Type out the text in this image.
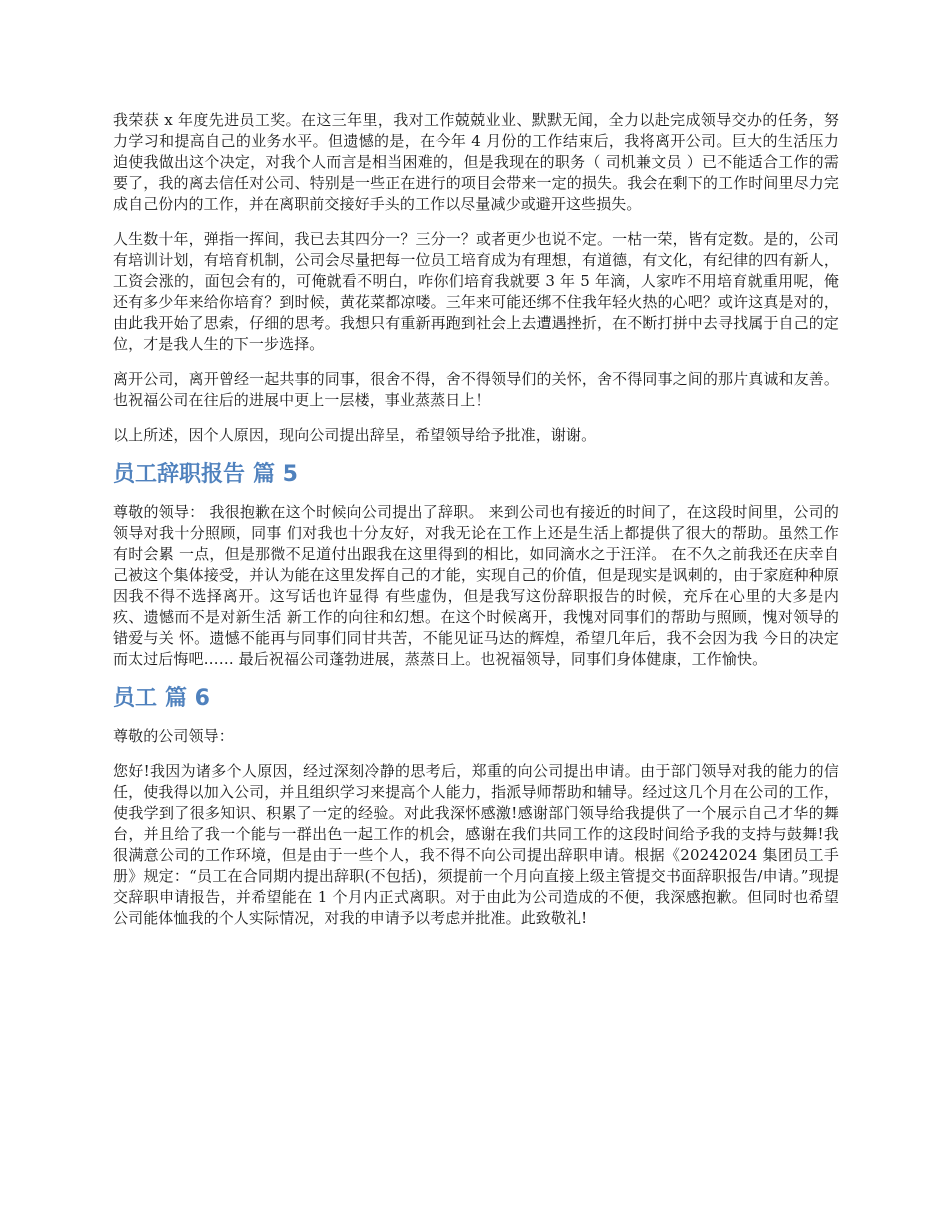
我荣获 x 年度先进员工奖。在这三年里，我对工作兢兢业业、默默无闻，全力以赴完成领导交办的任务，努力学习和提高自己的业务水平。但遗憾的是，在今年 4 月份的工作结束后，我将离开公司。巨大的生活压力迫使我做出这个决定，对我个人而言是相当困难的，但是我现在的职务（ 司机兼文员 ）已不能适合工作的需要了，我的离去信任对公司、特别是一些正在进行的项目会带来一定的损失。我会在剩下的工作时间里尽力完成自己份内的工作，并在离职前交接好手头的工作以尽量减少或避开这些损失。

人生数十年，弹指一挥间，我已去其四分一？三分一？或者更少也说不定。一枯一荣，皆有定数。是的，公司有培训计划，有培育机制，公司会尽量把每一位员工培育成为有理想，有道德，有文化，有纪律的四有新人，工资会涨的，面包会有的，可俺就看不明白，咋你们培育我就要 3 年 5 年滴，人家咋不用培育就重用呢，俺还有多少年来给你培育？到时候，黄花菜都凉喽。三年来可能还绑不住我年轻火热的心吧？或许这真是对的，由此我开始了思索，仔细的思考。我想只有重新再跑到社会上去遭遇挫折，在不断打拼中去寻找属于自己的定位，才是我人生的下一步选择。

离开公司，离开曾经一起共事的同事，很舍不得，舍不得领导们的关怀，舍不得同事之间的那片真诚和友善。也祝福公司在往后的进展中更上一层楼，事业蒸蒸日上！

以上所述，因个人原因，现向公司提出辞呈，希望领导给予批准，谢谢。

员工辞职报告 篇 5

尊敬的领导： 我很抱歉在这个时候向公司提出了辞职。 来到公司也有接近的时间了，在这段时间里，公司的领导对我十分照顾，同事 们对我也十分友好，对我无论在工作上还是生活上都提供了很大的帮助。虽然工作有时会累 一点，但是那微不足道付出跟我在这里得到的相比，如同滴水之于汪洋。 在不久之前我还在庆幸自己被这个集体接受，并认为能在这里发挥自己的才能，实现自己的价值，但是现实是讽刺的，由于家庭种种原因我不得不选择离开。这写话也许显得 有些虚伪，但是我写这份辞职报告的时候，充斥在心里的大多是内疚、遗憾而不是对新生活 新工作的向往和幻想。在这个时候离开，我愧对同事们的帮助与照顾，愧对领导的错爱与关 怀。遗憾不能再与同事们同甘共苦，不能见证马达的辉煌，希望几年后，我不会因为我 今日的决定而太过后悔吧…… 最后祝福公司蓬勃进展，蒸蒸日上。也祝福领导，同事们身体健康，工作愉快。

员工 篇 6

尊敬的公司领导：

您好!我因为诸多个人原因，经过深刻冷静的思考后，郑重的向公司提出申请。由于部门领导对我的能力的信任，使我得以加入公司，并且组织学习来提高个人能力，指派导师帮助和辅导。经过这几个月在公司的工作，使我学到了很多知识、积累了一定的经验。对此我深怀感激!感谢部门领导给我提供了一个展示自己才华的舞台，并且给了我一个能与一群出色一起工作的机会，感谢在我们共同工作的这段时间给予我的支持与鼓舞!我很满意公司的工作环境，但是由于一些个人，我不得不向公司提出辞职申请。根据《20242024 集团员工手册》规定：“员工在合同期内提出辞职(不包括)，须提前一个月向直接上级主管提交书面辞职报告/申请。”现提交辞职申请报告，并希望能在 1 个月内正式离职。对于由此为公司造成的不便，我深感抱歉。但同时也希望公司能体恤我的个人实际情况，对我的申请予以考虑并批准。此致敬礼!
